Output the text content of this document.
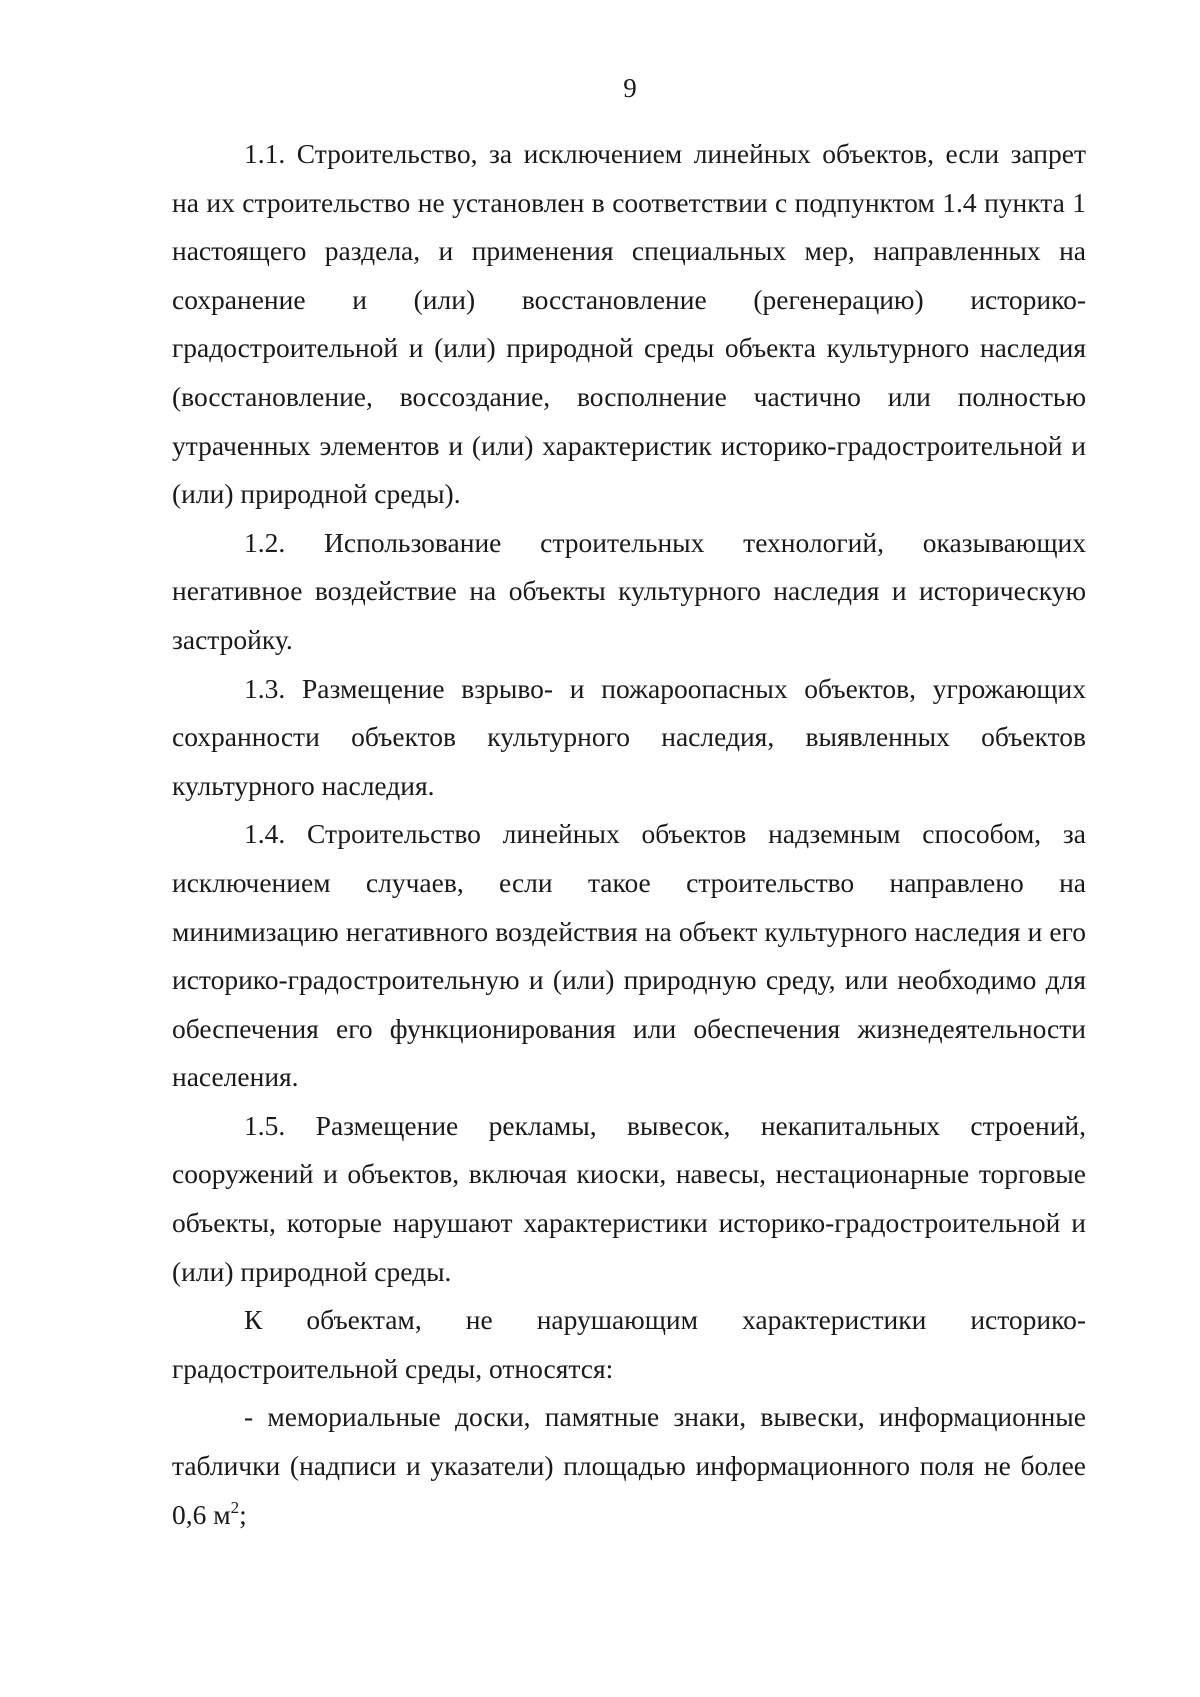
9

1.1. Строительство, за исключением линейных объектов, если запрет на их строительство не установлен в соответствии с подпунктом 1.4 пункта 1 настоящего раздела, и применения специальных мер, направленных на сохранение и (или) восстановление (регенерацию) историко-градостроительной и (или) природной среды объекта культурного наследия (восстановление, воссоздание, восполнение частично или полностью утраченных элементов и (или) характеристик историко-градостроительной и (или) природной среды).

1.2. Использование строительных технологий, оказывающих негативное воздействие на объекты культурного наследия и историческую застройку.

1.3. Размещение взрыво- и пожароопасных объектов, угрожающих сохранности объектов культурного наследия, выявленных объектов культурного наследия.

1.4. Строительство линейных объектов надземным способом, за исключением случаев, если такое строительство направлено на минимизацию негативного воздействия на объект культурного наследия и его историко-градостроительную и (или) природную среду, или необходимо для обеспечения его функционирования или обеспечения жизнедеятельности населения.

1.5. Размещение рекламы, вывесок, некапитальных строений, сооружений и объектов, включая киоски, навесы, нестационарные торговые объекты, которые нарушают характеристики историко-градостроительной и (или) природной среды.

К объектам, не нарушающим характеристики историко-градостроительной среды, относятся:

- мемориальные доски, памятные знаки, вывески, информационные таблички (надписи и указатели) площадью информационного поля не более 0,6 $м^2$;
